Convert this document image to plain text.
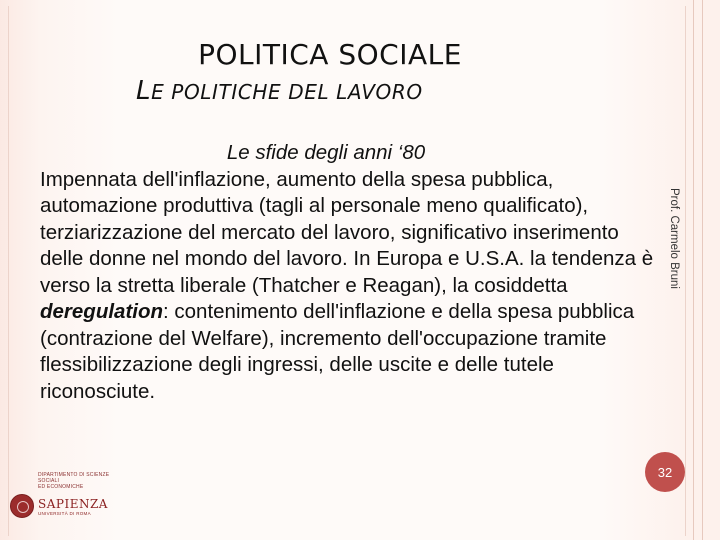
POLITICA SOCIALE
LE POLITICHE DEL LAVORO
Le sfide degli anni ‘80
Impennata dell'inflazione, aumento della spesa pubblica, automazione produttiva (tagli al personale meno qualificato), terziarizzazione del mercato del lavoro, significativo inserimento delle donne nel mondo del lavoro. In Europa e U.S.A. la tendenza è verso la stretta liberale (Thatcher e Reagan), la cosiddetta deregulation: contenimento dell'inflazione e della spesa pubblica (contrazione del Welfare), incremento dell'occupazione tramite flessibilizzazione degli ingressi, delle uscite e delle tutele riconosciute.
Prof. Carmelo Bruni
32
DIPARTIMENTO DI SCIENZE SOCIALI
ED ECONOMICHE
SAPIENZA
UNIVERSITÀ DI ROMA
